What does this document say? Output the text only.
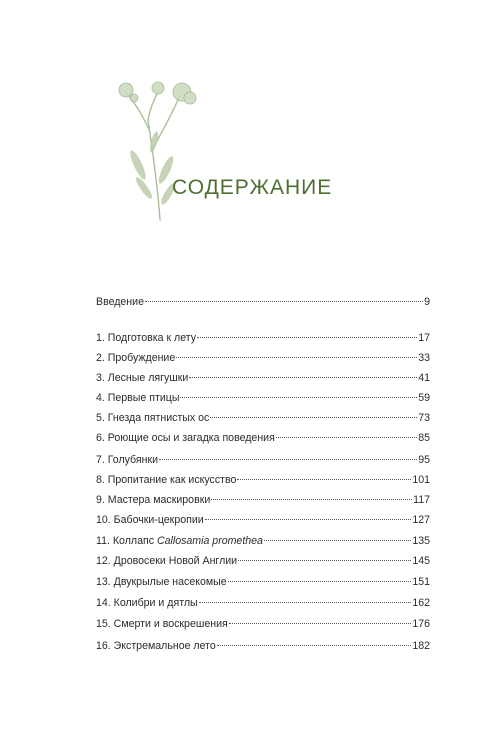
СОДЕРЖАНИЕ
Введение	9
1. Подготовка к лету	17
2. Пробуждение	33
3. Лесные лягушки	41
4. Первые птицы	59
5. Гнезда пятнистых ос	73
6. Роющие осы и загадка поведения	85
7. Голубянки	95
8. Пропитание как искусство	101
9. Мастера маскировки	117
10. Бабочки-цекропии	127
11. Коллапс Callosamia promethea	135
12. Дровосеки Новой Англии	145
13. Двукрылые насекомые	151
14. Колибри и дятлы	162
15. Смерти и воскрешения	176
16. Экстремальное лето	182
